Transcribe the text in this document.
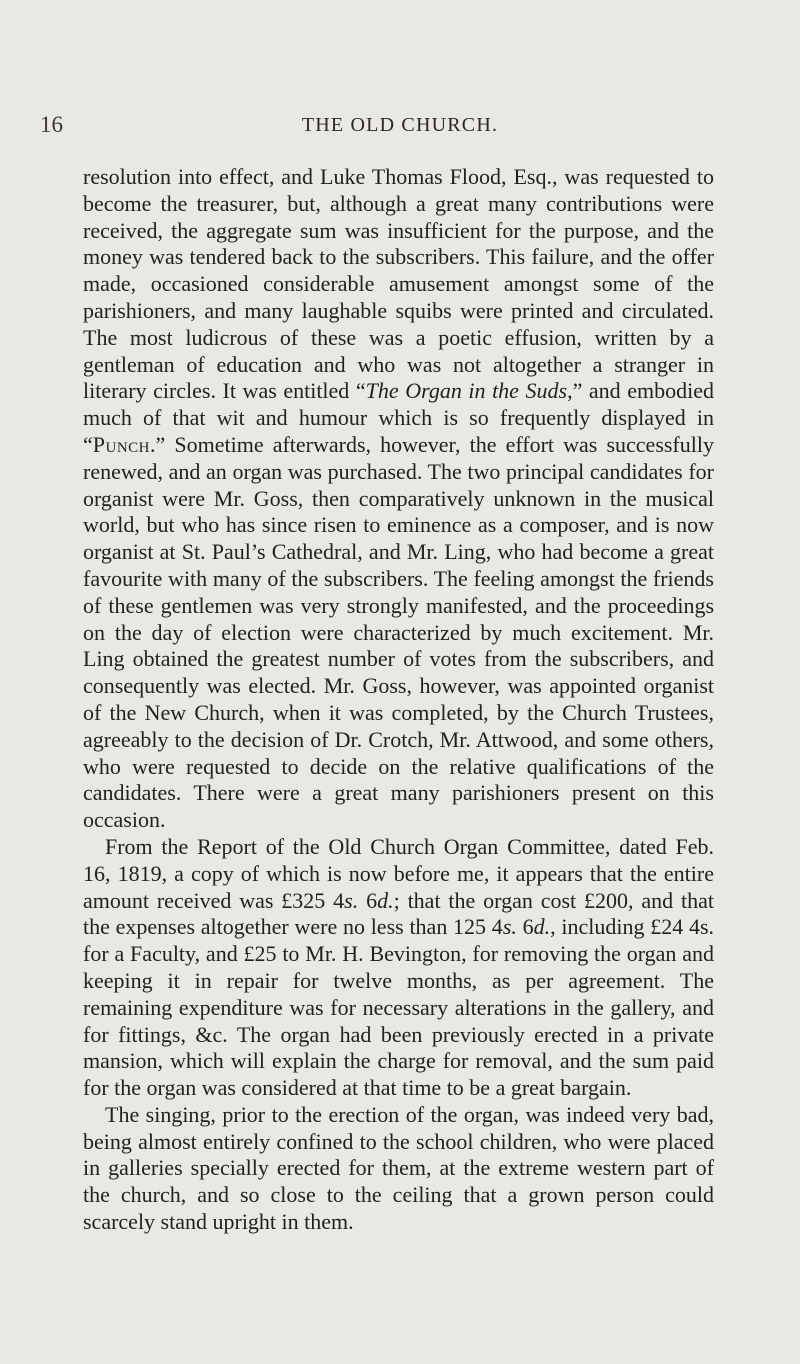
16	THE OLD CHURCH.

resolution into effect, and Luke Thomas Flood, Esq., was requested to become the treasurer, but, although a great many contributions were received, the aggregate sum was insufficient for the purpose, and the money was tendered back to the subscribers. This failure, and the offer made, occasioned considerable amusement amongst some of the parishioners, and many laughable squibs were printed and circulated. The most ludicrous of these was a poetic effusion, written by a gentleman of education and who was not altogether a stranger in literary circles. It was entitled “The Organ in the Suds,” and embodied much of that wit and humour which is so frequently displayed in “Punch.” Sometime afterwards, however, the effort was successfully renewed, and an organ was purchased. The two principal candidates for organist were Mr. Goss, then comparatively unknown in the musical world, but who has since risen to eminence as a composer, and is now organist at St. Paul’s Cathedral, and Mr. Ling, who had become a great favourite with many of the subscribers. The feeling amongst the friends of these gentlemen was very strongly manifested, and the proceedings on the day of election were characterized by much excitement. Mr. Ling obtained the greatest number of votes from the subscribers, and consequently was elected. Mr. Goss, however, was appointed organist of the New Church, when it was completed, by the Church Trustees, agreeably to the decision of Dr. Crotch, Mr. Attwood, and some others, who were requested to decide on the relative qualifications of the candidates. There were a great many parishioners present on this occasion.

From the Report of the Old Church Organ Committee, dated Feb. 16, 1819, a copy of which is now before me, it appears that the entire amount received was £325 4s. 6d.; that the organ cost £200, and that the expenses altogether were no less than 125 4s. 6d., including £24 4s. for a Faculty, and £25 to Mr. H. Bevington, for removing the organ and keeping it in repair for twelve months, as per agreement. The remaining expenditure was for necessary alterations in the gallery, and for fittings, &c. The organ had been previously erected in a private mansion, which will explain the charge for removal, and the sum paid for the organ was considered at that time to be a great bargain.

The singing, prior to the erection of the organ, was indeed very bad, being almost entirely confined to the school children, who were placed in galleries specially erected for them, at the extreme western part of the church, and so close to the ceiling that a grown person could scarcely stand upright in them.
